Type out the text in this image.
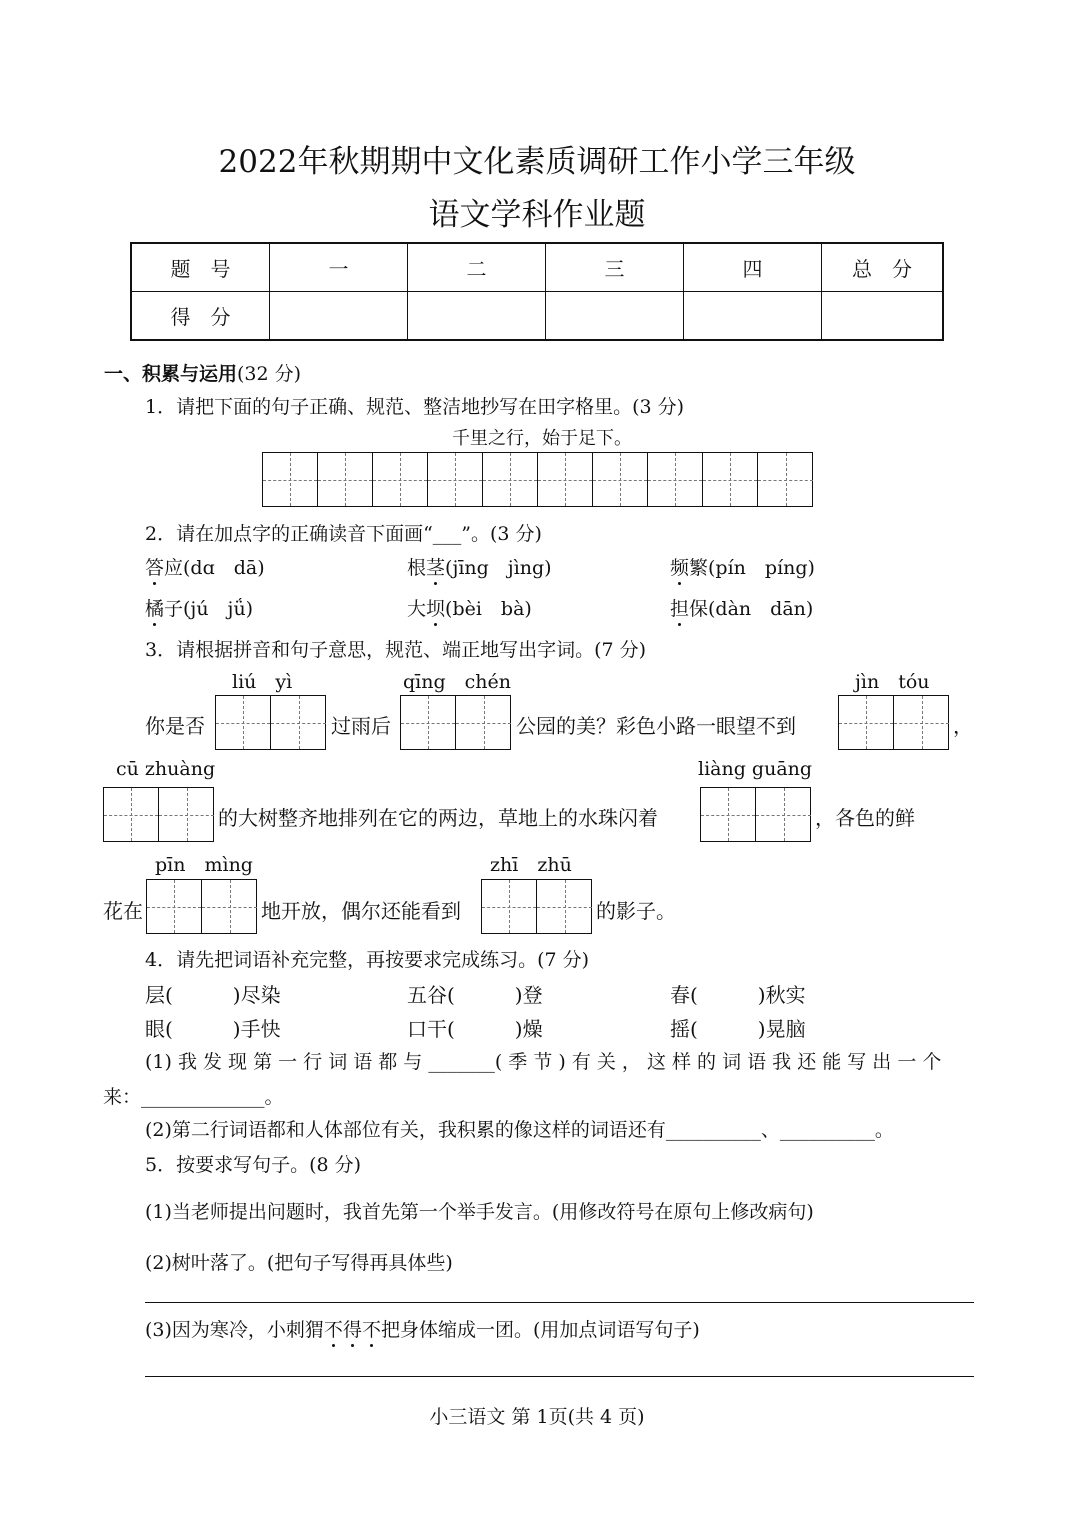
2022年秋期期中文化素质调研工作小学三年级
语文学科作业题
题　号	一	二	三	四	总　分
得　分					
一、积累与运用(32 分)
1．请把下面的句子正确、规范、整洁地抄写在田字格里。(3 分)
千里之行，始于足下。
2．请在加点字的正确读音下面画“___”。(3 分)
答应(dɑ　dā)	根茎(jīng　jìng)	频繁(pín　píng)
橘子(jú　jǘ)	大坝(bèi　bà)	担保(dàn　dān)
3．请根据拼音和句子意思，规范、端正地写出字词。(7 分)
liú　yì	qīng　chén	jìn　tóu
你是否	过雨后	公园的美？彩色小路一眼望不到	，
cū zhuàng	liàng guāng
的大树整齐地排列在它的两边，草地上的水珠闪着	，各色的鲜
pīn　mìng	zhī　zhū
花在	地开放，偶尔还能看到	的影子。
4．请先把词语补充完整，再按要求完成练习。(7 分)
层(　　　)尽染	五谷(　　　)登	春(　　　)秋实
眼(　　　)手快	口干(　　　)燥	摇(　　　)晃脑
(1) 我 发 现 第 一 行 词 语 都 与 _______( 季 节 ) 有 关 ， 这 样 的 词 语 我 还 能 写 出 一 个
来：_____________。
(2)第二行词语都和人体部位有关，我积累的像这样的词语还有__________、__________。
5．按要求写句子。(8 分)
(1)当老师提出问题时，我首先第一个举手发言。(用修改符号在原句上修改病句)
(2)树叶落了。(把句子写得再具体些)
(3)因为寒冷，小刺猬不得不把身体缩成一团。(用加点词语写句子)
小三语文 第 1页(共 4 页)
